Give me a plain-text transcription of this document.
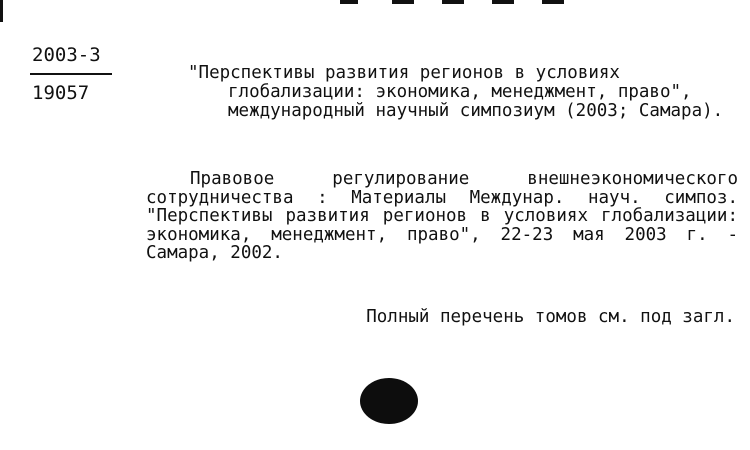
2003-3
19057

"Перспективы развития регионов в условиях
глобализации: экономика, менеджмент, право", международный научный симпозиум (2003; Самара).

Правовое регулирование внешнеэкономического сотрудничества : Материалы Междунар. науч. симпоз. "Перспективы развития регионов в условиях глобализации: экономика, менеджмент, право", 22-23 мая 2003 г. - Самара, 2002.

Полный перечень томов см. под загл.
